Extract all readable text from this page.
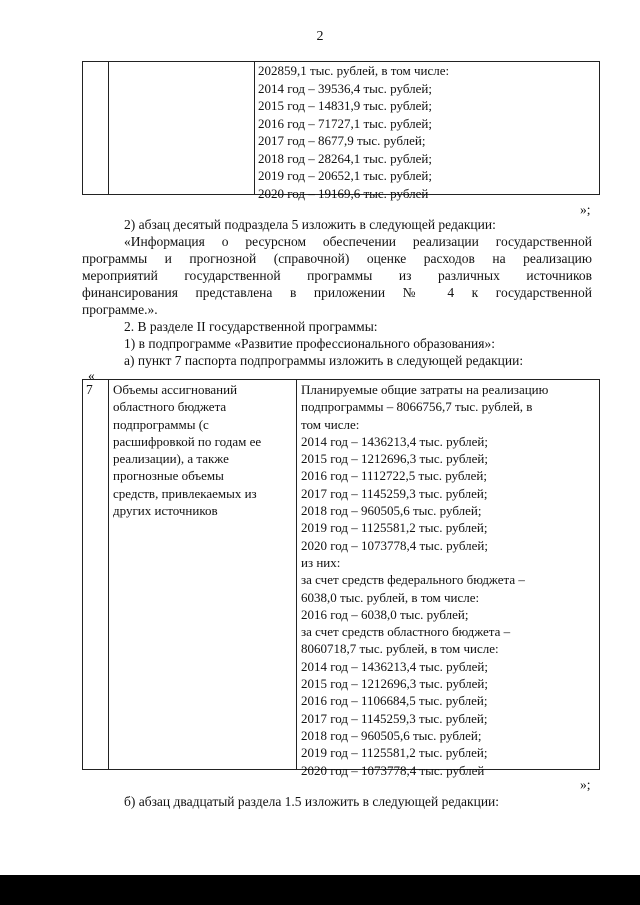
2
202859,1 тыс. рублей, в том числе:
2014 год – 39536,4 тыс. рублей;
2015 год – 14831,9 тыс. рублей;
2016 год – 71727,1 тыс. рублей;
2017 год – 8677,9 тыс. рублей;
2018 год – 28264,1 тыс. рублей;
2019 год – 20652,1 тыс. рублей;
2020 год – 19169,6 тыс. рублей
»;
2) абзац десятый подраздела 5 изложить в следующей редакции:
«Информация о ресурсном обеспечении реализации государственной
программы и прогнозной (справочной) оценке расходов на реализацию
мероприятий государственной программы из различных источников
финансирования представлена в приложении № 4 к государственной
программе.».
2. В разделе II государственной программы:
1) в подпрограмме «Развитие профессионального образования»:
а) пункт 7 паспорта подпрограммы изложить в следующей редакции:
«
7 Объемы ассигнований
областного бюджета
подпрограммы (с
расшифровкой по годам ее
реализации), а также
прогнозные объемы
средств, привлекаемых из
других источников
Планируемые общие затраты на реализацию
подпрограммы – 8066756,7 тыс. рублей, в
том числе:
2014 год – 1436213,4 тыс. рублей;
2015 год – 1212696,3 тыс. рублей;
2016 год – 1112722,5 тыс. рублей;
2017 год – 1145259,3 тыс. рублей;
2018 год – 960505,6 тыс. рублей;
2019 год – 1125581,2 тыс. рублей;
2020 год – 1073778,4 тыс. рублей;
из них:
за счет средств федерального бюджета –
6038,0 тыс. рублей, в том числе:
2016 год – 6038,0 тыс. рублей;
за счет средств областного бюджета –
8060718,7 тыс. рублей, в том числе:
2014 год – 1436213,4 тыс. рублей;
2015 год – 1212696,3 тыс. рублей;
2016 год – 1106684,5 тыс. рублей;
2017 год – 1145259,3 тыс. рублей;
2018 год – 960505,6 тыс. рублей;
2019 год – 1125581,2 тыс. рублей;
2020 год – 1073778,4 тыс. рублей
»;
б) абзац двадцатый раздела 1.5 изложить в следующей редакции:
